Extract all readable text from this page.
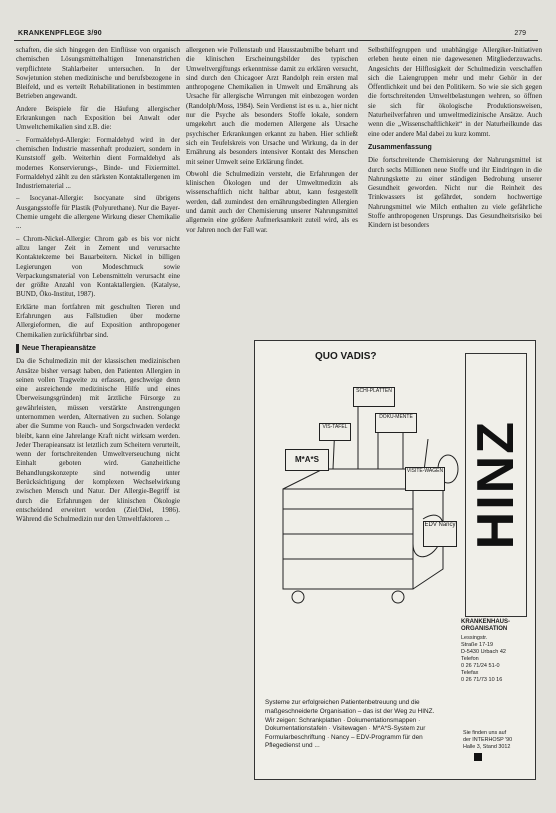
KRANKENPFLEGE 3/90	279

schaften, die sich hingegen den Einflüsse von organisch chemischen Lösungsmittelhaltigen Innenanstrichen verpflichtete Stahlarbeiter untersuchen. In der Sowjetunion stehen medizinische und berufsbezogene in Bleifeld, und es verteilt Rehabilitationen in bestimmten Betrieben angewandt.

Andere Beispiele für die Häufung allergischer Erkrankungen nach Exposition bei Anwalt oder Umweltchemikalien sind z.B. die:

– Formaldehyd-Allergie: Formaldehyd wird in der chemischen Industrie massenhaft produziert, sondern in Kunststoff gelb. Weiterhin dient Formaldehyd als modernes Konservierungs-, Binde- und Fixiermittel. Formaldehyd zählt zu den stärksten Kontaktallergenen im Industriematerial ...

– Isocyanat-Allergie: Isocyanate sind übrigens Ausgangsstoffe für Plastik (Polyurethane). Nur die Bayer-Chemie umgeht die allergene Wirkung dieser Chemikalie ...

– Chrom-Nickel-Allergie: Chrom gab es bis vor nicht allzu langer Zeit in Zement und verursachte Kontaktekzeme bei Bauarbeitern. Nickel in billigen Legierungen von Modeschmuck sowie Verpackungsmaterial von Lebensmitteln verursacht eine der größte Anzahl von Kontaktallergien. (Katalyse, BUND, Öko-Institut, 1987).

Erklärte man fortfahren mit geschulten Tieren und Erfahrungen aus Fallstudien über moderne Allergieformen, die auf Exposition anthropogener Chemikalien zurückführbar sind.

Neue Therapieansätze

Da die Schulmedizin mit der klassischen medizinischen Ansätze bisher versagt haben, den Patienten Allergien in seinen vollen Tragweite zu erfassen, geschweige denn eine ausreichende medizinische Hilfe und eines Überweisungsgründen) mit ärztliche Fürsorge zu gewährleisten, müssen verstärkte Anstrengungen unternommen werden, Alternativen zu suchen. Solange aber die Summe von Rauch- und Sorgschwaden verdeckt bleibt, kann eine Jahrelange Kraft nicht wirksam werden. Jeder Therapieansatz ist letztlich zum Scheitern verurteilt, wenn der fortschreitenden Umweltverseuchung nicht Einhalt geboten wird. Ganzheitliche Behandlungskonzepte sind notwendig unter Berücksichtigung der komplexen Wechselwirkung zwischen Mensch und Natur. Der Allergie-Begriff ist durch die Erfahrungen der klinischen Ökologie entscheidend erweitert worden (Ziel/Diel, 1986). Während die Schulmedizin nur den Umweltfaktoren ...

allergenen wie Pollenstaub und Hausstaubmilbe beharrt und die klinischen Erscheinungsbilder des typischen Umweltvergiftungs erkenntnisse damit zu erklären versucht, sind durch den Chicagoer Arzt Randolph rein ersten mal anthropogene Chemikalien in Umwelt und Ernährung als Ursache für allergische Wirrungen mit einbezogen worden (Randolph/Moss, 1984). Sein Verdienst ist es u. a., hier nicht nur die Psyche als besonders Stoffe lokale, sondern umgekehrt auch die modernen Allergene als Ursache psychischer Erkrankungen erkannt zu haben. Hier schließt sich ein Teufelskreis von Ursache und Wirkung, da in der Ernährung als besonders intensiver Kontakt des Menschen mit seiner Umwelt seine Erklärung findet.

Obwohl die Schulmedizin versteht, die Erfahrungen der klinischen Ökologen und der Umweltmedizin als wissenschaftlich nicht haltbar abtut, kann festgestellt werden, daß zumindest den ernährungsbedingten Allergien und damit auch der Chemisierung unserer Nahrungsmittel allgemein eine größere Aufmerksamkeit zuteil wird, als es vor Jahren noch der Fall war.

Selbsthilfegruppen und unabhängige Allergiker-Initiativen erleben heute einen nie dagewesenen Mitgliederzuwachs. Angesichts der Hilflosigkeit der Schulmedizin verschaffen sich die Laiengruppen mehr und mehr Gehör in der Öffentlichkeit und bei den Politikern. So wie sie sich gegen die fortschreitenden Umweltbelastungen wehren, so öffnen sie sich für ökologische Produktionsweisen, Naturheilverfahren und umweltmedizinische Ansätze. Auch wenn die „Wissenschaftlichkeit“ in der Naturheilkunde das eine oder andere Mal dabei zu kurz kommt.

Zusammenfassung

Die fortschreitende Chemisierung der Nahrungsmittel ist durch sechs Millionen neue Stoffe und ihr Eindringen in die Nahrungskette zu einer ständigen Bedrohung unserer Gesundheit geworden. Nicht nur die Reinheit des Trinkwassers ist gefährdet, sondern hochwertige Nahrungsmittel wie Milch enthalten zu viele gefährliche Stoffe anthropogenen Ursprungs. Das Gesundheitsrisiko bei Kindern ist besonders

QUO VADIS?
SCHI-PLATTEN
DOKU-MENTE
VIS-TAFEL
M*A*S
VISITE-WAGEN
EDV Nancy HINZ
KRANKENHAUS-ORGANISATION
Lessingstr.
Straße 17-19
D-5430 Urbach 42
Telefon
0 26 71/24 51-0
Telefax
0 26 71/73 10 16
Systeme zur erfolgreichen Patientenbetreuung und die maßgeschneiderte Organisation – das ist der Weg zu HINZ. Wir zeigen: Schrankplatten · Dokumentationsmappen · Dokumentationstafeln · Visitewagen · M*A*S-System zur Formularbeschriftung · Nancy – EDV-Programm für den Pflegedienst und ...
Sie finden uns auf der INTERHOSP '90 Halle 3, Stand 3012
